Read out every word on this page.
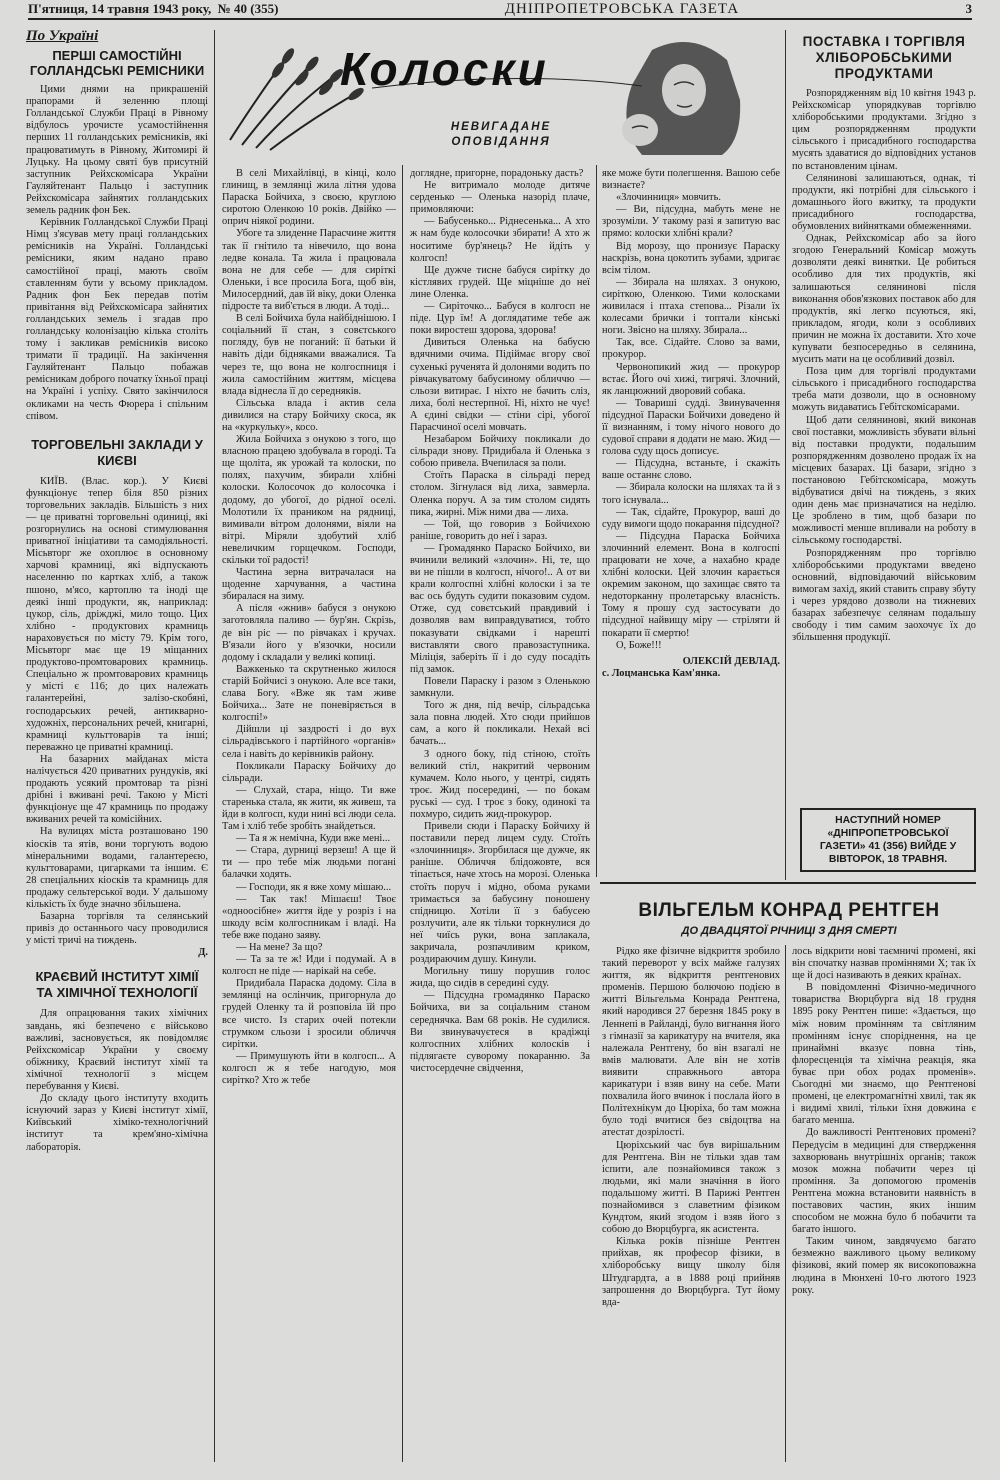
П'ятниця, 14 травня 1943 року, № 40 (355)	ДНІПРОПЕТРОВСЬКА ГАЗЕТА	3

По Україні

ПЕРШІ САМОСТІЙНІ ГОЛЛАНДСЬКІ РЕМІСНИКИ

Цими днями на прикрашеній прапорами й зеленню площі Голландської Служби Праці в Рівному відбулось урочисте усамостійнення перших 11 голландських ремісників, які працюватимуть в Рівному, Житомирі й Луцьку. На цьому святі був присутній заступник Рейхскомісара України Гауляйтенант Пальцо і заступник Рейхскомісара зайнятих голландських земель радник фон Бек.

Керівник Голландської Служби Праці Німц з'ясував мету праці голландських ремісників на Україні. Голландські ремісники, яким надано право самостійної праці, мають своїм ставленням бути у всьому прикладом. Радник фон Бек передав потім привітання від Рейхскомісара зайнятих голландських земель і згадав про голландську колонізацію кілька століть тому і закликав ремісників високо тримати її традиції. На закінчення Гауляйтенант Пальцо побажав ремісникам доброго початку їхньої праці на Україні і успіху. Свято закінчилося окликами на честь Фюрера і спільним співом.

ТОРГОВЕЛЬНІ ЗАКЛАДИ У КИЄВІ

КИЇВ. (Влас. кор.). У Києві функціонує тепер біля 850 різних торговельних закладів. Більшість з них — це приватні торговельні одиниці, які розгорнулись на основі стимулювання приватної ініціативи та самодіяльності. Місьвторг же охоплює в основному харчові крамниці, які відпускають населенню по картках хліб, а також пшоно, м'ясо, картоплю та іноді ще деякі інші продукти, як, наприклад: цукор, сіль, дріжджі, мило тощо. Цих хлібно - продуктових крамниць нараховується по місту 79. Крім того, Місьвторг має ще 19 міщанних продуктово-промтоварових крамниць. Спеціально ж промтоварових крамниць у місті є 116; до цих належать галантерейні, залізо-скобяні, господарських речей, антикварно-художніх, персональних речей, книгарні, крамниці культтоварів та інші; переважно це приватні крамниці.

На базарних майданах міста налічується 420 приватних рундуків, які продають усякий промтовар та різні дрібні і вживані речі. Такою у Місті функціонує ще 47 крамниць по продажу вживаних речей та комісійних.

На вулицях міста розташовано 190 кіосків та ятів, вони торгують водою мінеральними водами, галантереєю, культтоварами, цигарками та іншим. Є 28 спеціальних кіосків та крамниць для продажу сельтерської води. У дальшому кількість їх буде значно збільшена.

Базарна торгівля та селянський привіз до останнього часу проводилися у місті тричі на тиждень.

Д.

КРАЄВИЙ ІНСТИТУТ ХІМІЇ ТА ХІМІЧНОЇ ТЕХНОЛОГІЇ

Для опрацювання таких хімічних завдань, які безпечено є військово важливі, засновується, як повідомляє Рейхскомісар України у своєму обіжнику, Краєвий інститут хімії та хімічної технології з місцем перебування у Києві.

До складу цього інституту входить існуючий зараз у Києві інститут хімії, Київський хіміко-технологічний інститут та крем'яно-хімічна лабораторія.

Колоски
НЕВИГАДАНЕ ОПОВІДАННЯ

В селі Михайлівці, в кінці, коло глинищ, в землянці жила літня удова Параска Бойчиха, з своєю, круглою сиротою Оленкою 10 років. Двійко — оприч ніякої родини.

Убоге та злиденне Парасчине життя так її гнітило та нівечило, що вона ледве конала. Та жила і працювала вона не для себе — для сиріткі Оленьки, і все просила Бога, щоб він, Милосердний, дав їй віку, доки Оленка підросте та виб'ється в люди. А тоді...

В селі Бойчиха була найбіднішою. І соціальний її стан, з совєтського погляду, був не поганий: її батьки й навіть діди бідняками вважалися. Та через те, що вона не колгоспниця і жила самостійним життям, місцева влада віднесла її до середняків.

Сільська влада і актив села дивилися на стару Бойчиху скоса, як на «куркульку», косо.

Жила Бойчиха з онукою з того, що власною працею здобувала в городі. Та ще щоліта, як урожай та колоски, по полях, пахучим, збирали хлібні колоски. Колосочок до колосочка і додому, до убогої, до рідної оселі. Молотили їх праником на рядниці, вимивали вітром долонями, віяли на вітрі. Міряли здобутий хліб невеличким горщечком. Господи, скільки тої радості!

Частина зерна витрачалася на щоденне харчування, а частина збиралася на зиму.

А після «жнив» бабуся з онукою заготовляла паливо — бур'ян. Скрізь, де він ріс — по рівчаках і кручах. В'язали його у в'язочки, носили додому і складали у великі копиці.

Важкенько та скрутненько жилося старій Бойчисі з онукою. Але все таки, слава Богу. «Вже як там живе Бойчиха... Зате не поневіряється в колгоспі!»

Дійшли ці заздрості і до вух сільрадівського і партійного «органів» села і навіть до керівників району.

Покликали Параску Бойчиху до сільради.

— Слухай, стара, ніщо. Ти вже старенька стала, як жити, як живеш, та йди в колгосп, куди нині всі люди села. Там і хліб тебе зробіть знайдеться.

— Та я ж немічна, Куди вже мені...

— Стара, дурниці верзеш! А ще й ти — про тебе між людьми погані балачки ходять.

— Господи, як я вже хому мішаю...

— Так так! Мішаєш! Твоє «одноосібне» життя йде у розріз і на шкоду всім колгоспникам і владі. На тебе вже подано заяву.

— На мене? За що?

— Та за те ж! Иди і подумай. А в колгосп не піде — нарікай на себе.

Придибала Параска додому. Сіла в землянці на ослінчик, пригорнула до грудей Оленку та й розповіла їй про все чисто. Із старих очей потекли струмком сльози і зросили обличчя сирітки.

— Примушують йти в колгосп... А колгосп ж я тебе нагодую, моя сирітко? Хто ж тебе

доглядне, пригорне, порадоньку дасть?

Не витримало молоде дитяче серденько — Оленька назорід плаче, примовляючи:

— Бабусенько... Ріднесенька... А хто ж нам буде колосочки збирати! А хто ж носитиме бур'янець? Не йдіть у колгосп!

Ще дужче тисне бабуся сирітку до кістлявих грудей. Ще міцніше до неї лине Оленка.

— Сиріточко... Бабуся в колгосп не піде. Цур їм! А доглядатиме тебе аж поки виростеш здорова, здорова!

Дивиться Оленька на бабусю вдячними очима. Підіймає вгору свої сухенькі рученята й долонями водить по рівчакуватому бабусиному обличчю — сльози витирає. І ніхто не бачить сліз, лиха, болі нестерпної. Ні, ніхто не чує! А єдині свідки — стіни сірі, убогої Парасчиної оселі мовчать.

Незабаром Бойчиху покликали до сільради знову. Придибала й Оленька з собою привела. Вчепилася за поли.

Стоїть Параска в сільраді перед столом. Зігнулася від лиха, завмерла. Оленка поруч. А за тим столом сидять пика, жирні. Між ними два — лиха.

— Той, що говорив з Бойчихою раніше, говорить до неї і зараз.

— Громадянко Параско Бойчихо, ви вчинили великий «злочин». Ні, те, що ви не пішли в колгосп, нічого!.. А от ви крали колгоспні хлібні колоски і за те вас ось будуть судити показовим судом. Отже, суд совєтський правдивий і дозволяв вам виправдуватися, тобто показувати свідками і нарешті виставляти свого правозаступника. Міліція, заберіть її і до суду посадіть під замок.

Повели Параску і разом з Оленькою замкнули.

Того ж дня, під вечір, сільрадська зала повна людей. Хто сюди прийшов сам, а кого й покликали. Нехай всі бачать...

З одного боку, під стіною, стоїть великий стіл, накритий червоним кумачем. Коло нього, у центрі, сидять троє. Жид посередині, — по бокам руські — суд. І троє з боку, одинокі та похмуро, сидить жид-прокурор.

Привели сюди і Параску Бойчиху й поставили перед лицем суду. Стоїть «злочинниця». Згорбилася ще дужче, як раніше. Обличчя блідожовте, вся тіпається, наче хтось на морозі. Оленька стоїть поруч і мідно, обома руками тримається за бабусину поношену спідницю. Хотіли її з бабусею розлучити, але як тільки торкнулися до неї чиїсь руки, вона заплакала, закричала, розпачливим криком, роздираючим душу. Кинули.

Могильну тишу порушив голос жида, що сидів в середині суду.

— Підсудна громадянко Параско Бойчиха, ви за соціальним станом середнячка. Вам 68 років. Не судилися. Ви звинувачуєтеся в крадіжці колгоспних хлібних колосків і підлягаєте суворому покаранню. За чистосердечне свідчення,

яке може бути полегшення. Вашою себе визнаєте?

«Злочинниця» мовчить.

— Ви, підсудна, мабуть мене не зрозуміли. У такому разі я запитую вас прямо: колоски хлібні крали?

Від морозу, що пронизує Параску наскрізь, вона цокотить зубами, здригає всім тілом.

— Збирала на шляхах. З онукою, сиріткою, Оленкою. Тими колосками живилася і птаха степова... Різали їх колесами брички і топтали кінські ноги. Звісно на шляху. Збирала...

Так, все. Сідайте. Слово за вами, прокурор.

Червонопикий жид — прокурор встає. Його очі хижі, тигрячі. Злочний, як ланцюжний дворовий собака.

— Товариші судді. Звинувачення підсудної Параски Бойчихи доведено й її визнанням, і тому нічого нового до судової справи я додати не маю. Жид — голова суду щось дописує.

— Підсудна, встаньте, і скажіть ваше останнє слово.

— Збирала колоски на шляхах та й з того існувала...

— Так, сідайте, Прокурор, ваші до суду вимоги щодо покарання підсудної?

— Підсудна Параска Бойчиха злочинний елемент. Вона в колгоспі працювати не хоче, а нахабно краде хлібні колоски. Цей злочин карається окремим законом, що захищає свято та недоторканну пролетарську власність. Тому я прошу суд застосувати до підсудної найвищу міру — стріляти й покарати її смертю!

О, Боже!!!

ОЛЕКСІЙ ДЕВЛАД.

с. Лоцманська Кам'янка.

ПОСТАВКА І ТОРГІВЛЯ ХЛІБОРОБСЬКИМИ ПРОДУКТАМИ

Розпорядженням від 10 квітня 1943 р. Рейхскомісар упорядкував торгівлю хліборобськими продуктами. Згідно з цим розпорядженням продукти сільського і присадибного господарства мусять здаватися до відповідних установ по встановленим цінам.

Селянинові залишаються, однак, ті продукти, які потрібні для сільського і домашнього його вжитку, та продукти присадибного господарства, обумовлених вийнятками обмеженнями.

Однак, Рейхскомісар або за його згодою Генеральний Комісар можуть дозволяти деякі винятки. Це робиться особливо для тих продуктів, які залишаються селянинові після виконання обов'язкових поставок або для продуктів, які легко псуються, які, прикладом, ягоди, коли з особливих причин не можна їх доставити. Хто хоче купувати безпосередньо в селянина, мусить мати на це особливий дозвіл.

Поза цим для торгівлі продуктами сільського і присадибного господарства треба мати дозволи, що в основному можуть видаватись Гебітскомісарами.

Щоб дати селянинові, який виконав свої поставки, можливість збувати вільні від поставки продукти, подальшим розпорядженням дозволено продаж їх на місцевих базарах. Ці базари, згідно з постановою Гебітскомісара, можуть відбуватися двічі на тиждень, з яких один день має призначатися на неділю. Це зроблено в тим, щоб базари по можливості менше впливали на роботу в сільському господарстві.

Розпорядженням про торгівлю хліборобськими продуктами введено основний, відповідаючий військовим вимогам захід, який ставить справу збуту і через урядово дозволи на тижневих базарах забезпечує селянам подальшу свободу і тим самим заохочує їх до збільшення продукції.

НАСТУПНИЙ НОМЕР «ДНІПРОПЕТРОВСЬКОЇ ГАЗЕТИ» 41 (356) ВИЙДЕ У ВІВТОРОК, 18 ТРАВНЯ.
ВІЛЬГЕЛЬМ КОНРАД РЕНТГЕН
ДО ДВАДЦЯТОЇ РІЧНИЦІ З ДНЯ СМЕРТІ

Рідко яке фізичне відкриття зробило такий переворот у всіх майже галузях життя, як відкриття рентгенових променів. Першою болючою подією в житті Вільгельма Конрада Рентгена, який народився 27 березня 1845 року в Леннепі в Райланді, було вигнання його з гімназії за карикатуру на вчителя, яка належала Рентгену, бо він взагалі не вмів малювати. Але він не хотів виявити справжнього автора карикатури і взяв вину на себе. Мати похвалила його вчинок і послала його в Політехнікум до Цюріха, бо там можна було тоді вчитися без свідоцтва на атестат дозрілості.

Цюріхський час був вирішальним для Рентгена. Він не тільки здав там іспити, але познайомився також з людьми, які мали значіння в його подальшому житті. В Парижі Рентген познайомився з славетним фізиком Кундтом, який згодом і взяв його з собою до Вюрцбурга, як асистента.

Кілька років пізніше Рентген прийхав, як професор фізики, в хліборобську вищу школу біля Штудгардта, а в 1888 році прийняв запрошення до Вюрцбурга. Тут йому вда-

лось відкрити нові таємничі промені, які він спочатку назвав проміннями Х; так їх ще й досі називають в деяких країнах.

В повідомленні Фізично-медичного товариства Вюрцбурга від 18 грудня 1895 року Рентген пише: «Здається, що між новим промінням та світляним промінням існує споріднення, на це принаймні вказує повна тінь, флоресценція та хімічна реакція, яка буває при обох родах променів». Сьогодні ми знаємо, що Рентгенові промені, це електромагнітні хвилі, так як і видимі хвилі, тільки їхня довжина є багато менша.

До важливості Рентгенових промені? Передусім в медицині для ствердження захворювань внутрішніх органів; також мозок можна побачити через ці проміння. За допомогою променів Рентгена можна встановити наявність в поставових частин, яких іншим способом не можна було б побачити та багато іншого.

Таким чином, завдячуємо багато безмежно важливого цьому великому фізикові, який помер як високоповажна людина в Мюнхені 10-го лютого 1923 року.
